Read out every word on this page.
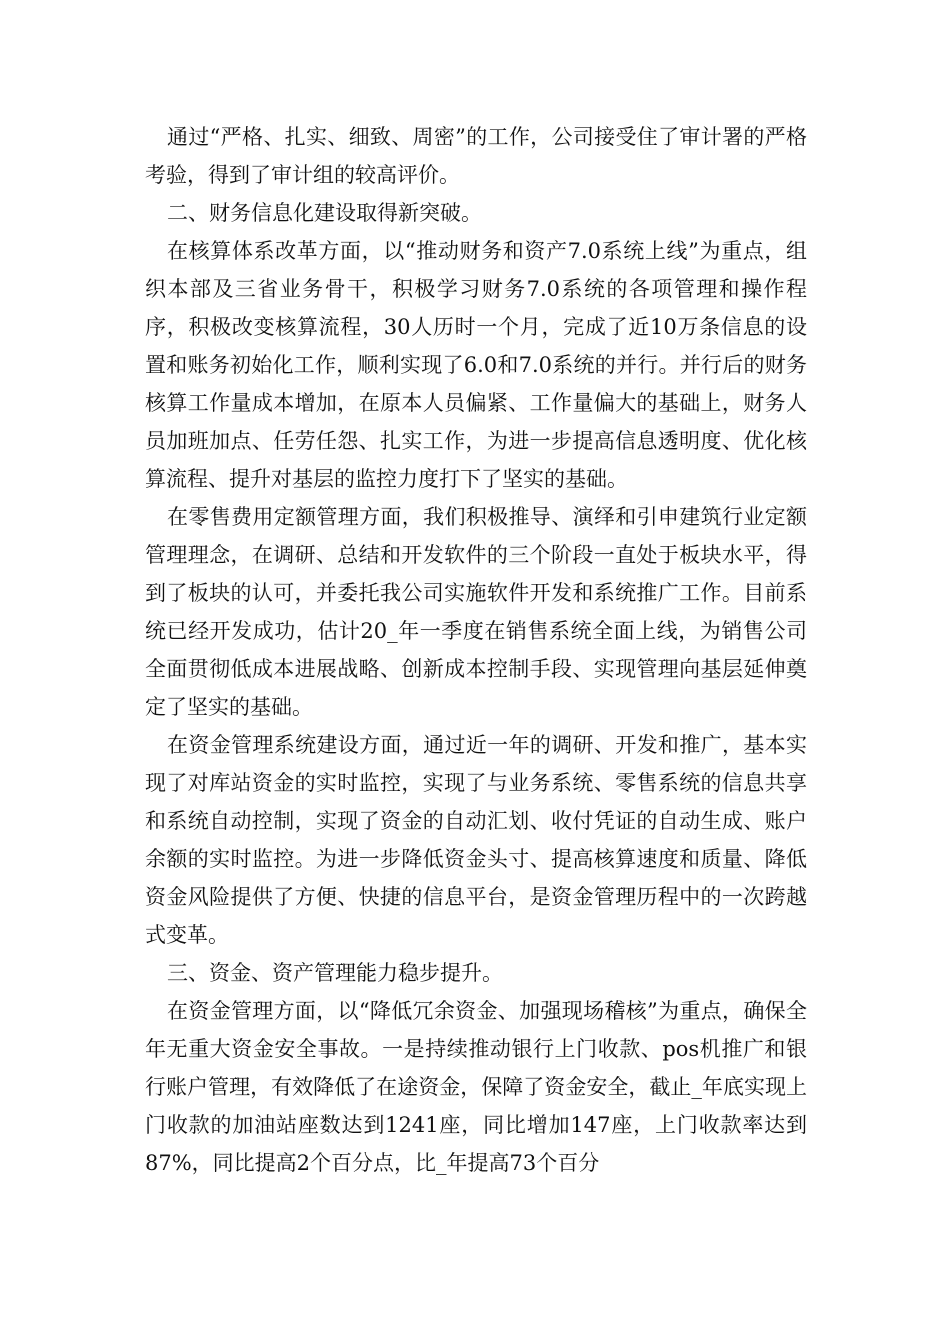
通过“严格、扎实、细致、周密”的工作，公司接受住了审计署的严格考验，得到了审计组的较高评价。

二、财务信息化建设取得新突破。

在核算体系改革方面，以“推动财务和资产7.0系统上线”为重点，组织本部及三省业务骨干，积极学习财务7.0系统的各项管理和操作程序，积极改变核算流程，30人历时一个月，完成了近10万条信息的设置和账务初始化工作，顺利实现了6.0和7.0系统的并行。并行后的财务核算工作量成本增加，在原本人员偏紧、工作量偏大的基础上，财务人员加班加点、任劳任怨、扎实工作，为进一步提高信息透明度、优化核算流程、提升对基层的监控力度打下了坚实的基础。

在零售费用定额管理方面，我们积极推导、演绎和引申建筑行业定额管理理念，在调研、总结和开发软件的三个阶段一直处于板块水平，得到了板块的认可，并委托我公司实施软件开发和系统推广工作。目前系统已经开发成功，估计20_年一季度在销售系统全面上线，为销售公司全面贯彻低成本进展战略、创新成本控制手段、实现管理向基层延伸奠定了坚实的基础。

在资金管理系统建设方面，通过近一年的调研、开发和推广，基本实现了对库站资金的实时监控，实现了与业务系统、零售系统的信息共享和系统自动控制，实现了资金的自动汇划、收付凭证的自动生成、账户余额的实时监控。为进一步降低资金头寸、提高核算速度和质量、降低资金风险提供了方便、快捷的信息平台，是资金管理历程中的一次跨越式变革。

三、资金、资产管理能力稳步提升。

在资金管理方面，以“降低冗余资金、加强现场稽核”为重点，确保全年无重大资金安全事故。一是持续推动银行上门收款、pos机推广和银行账户管理，有效降低了在途资金，保障了资金安全，截止_年底实现上门收款的加油站座数达到1241座，同比增加147座，上门收款率达到87%，同比提高2个百分点，比_年提高73个百分
